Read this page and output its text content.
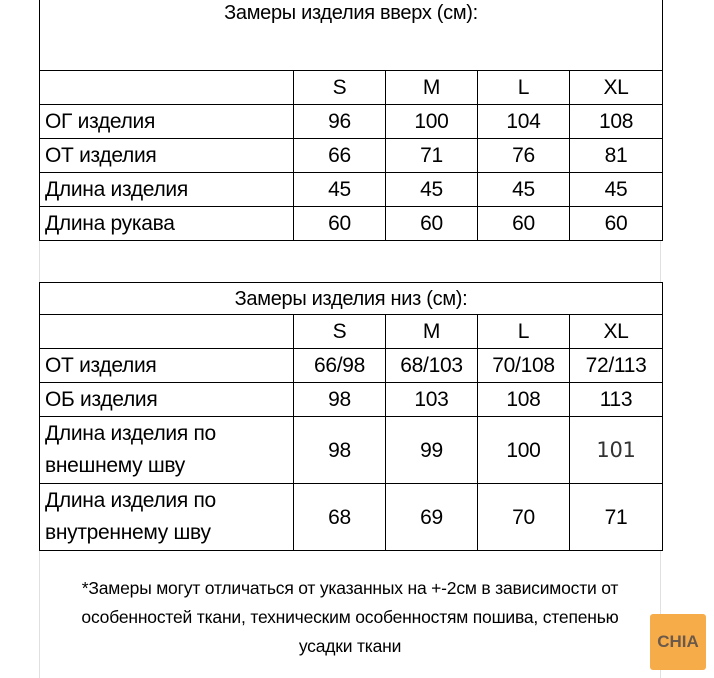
Замеры изделия вверх (см):				
	S	M	L	XL
ОГ изделия	96	100	104	108
ОТ изделия	66	71	76	81
Длина изделия	45	45	45	45
Длина рукава	60	60	60	60
Замеры изделия низ (см):				
	S	M	L	XL
ОТ изделия	66/98	68/103	70/108	72/113
ОБ изделия	98	103	108	113
Длина изделия по внешнему шву	98	99	100	101
Длина изделия по внутреннему шву	68	69	70	71
*Замеры могут отличаться от указанных на +-2см в зависимости от
особенностей ткани, техническим особенностям пошива, степенью
усадки ткани	CHIA
